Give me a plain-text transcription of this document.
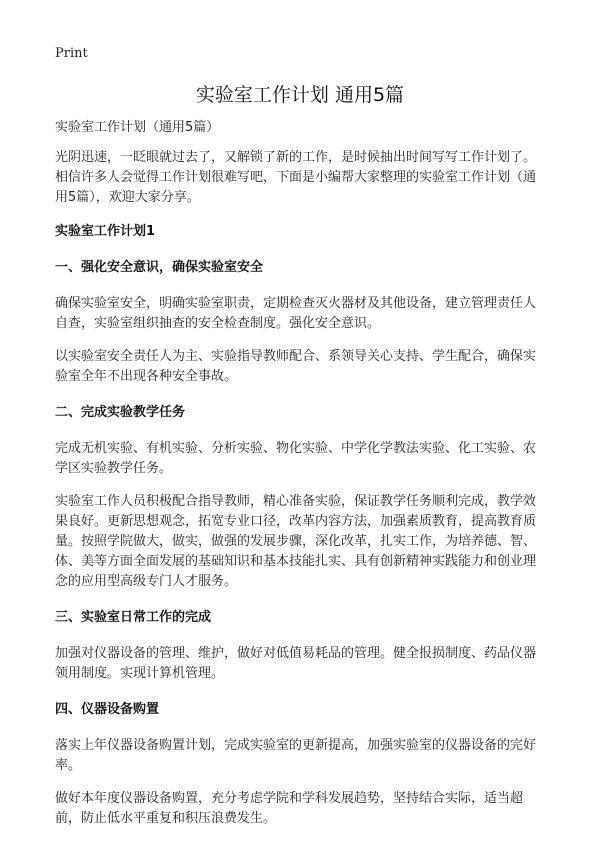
Print
实验室工作计划 通用5篇

实验室工作计划（通用5篇）

光阴迅速，一眨眼就过去了，又解锁了新的工作，是时候抽出时间写写工作计划了。相信许多人会觉得工作计划很难写吧，下面是小编帮大家整理的实验室工作计划（通用5篇），欢迎大家分享。

实验室工作计划1
一、强化安全意识，确保实验室安全

确保实验室安全，明确实验室职责，定期检查灭火器材及其他设备，建立管理责任人自查，实验室组织抽查的安全检查制度。强化安全意识。

以实验室安全责任人为主、实验指导教师配合、系领导关心支持、学生配合，确保实验室全年不出现各种安全事故。

二、完成实验教学任务

完成无机实验、有机实验、分析实验、物化实验、中学化学教法实验、化工实验、农学区实验教学任务。

实验室工作人员积极配合指导教师，精心准备实验，保证教学任务顺利完成，教学效果良好。更新思想观念，拓宽专业口径，改革内容方法，加强素质教育，提高教育质量。按照学院做大，做实，做强的发展步骤，深化改革，扎实工作，为培养德、智、体、美等方面全面发展的基础知识和基本技能扎实、具有创新精神实践能力和创业理念的应用型高级专门人才服务。

三、实验室日常工作的完成

加强对仪器设备的管理、维护，做好对低值易耗品的管理。健全报损制度、药品仪器领用制度。实现计算机管理。

四、仪器设备购置

落实上年仪器设备购置计划，完成实验室的更新提高，加强实验室的仪器设备的完好率。

做好本年度仪器设备购置，充分考虑学院和学科发展趋势，坚持结合实际，适当超前，防止低水平重复和积压浪费发生。
